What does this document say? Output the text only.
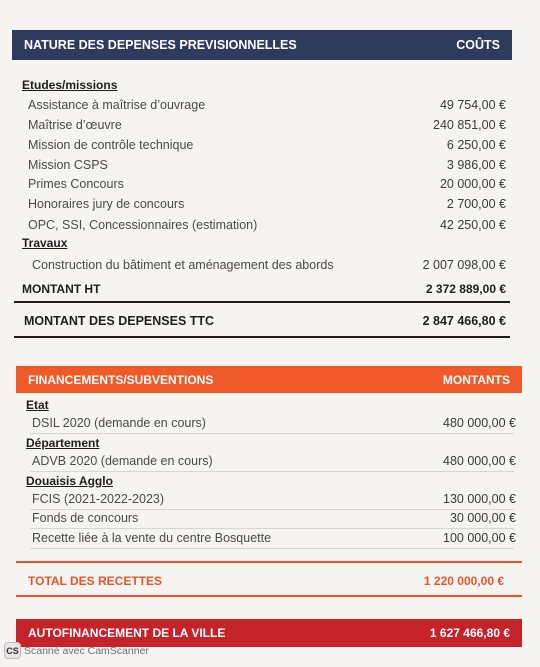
NATURE DES DEPENSES PREVISIONNELLES	COÛTS
Etudes/missions
Assistance à maîtrise d’ouvrage	49 754,00 €
Maîtrise d’œuvre	240 851,00 €
Mission de contrôle technique	6 250,00 €
Mission CSPS	3 986,00 €
Primes Concours	20 000,00 €
Honoraires jury de concours	2 700,00 €
OPC, SSI, Concessionnaires (estimation)	42 250,00 €
Travaux
Construction du bâtiment et aménagement des abords	2 007 098,00 €
MONTANT HT	2 372 889,00 €
MONTANT DES DEPENSES TTC	2 847 466,80 €
FINANCEMENTS/SUBVENTIONS	MONTANTS
Etat
DSIL 2020 (demande en cours)	480 000,00 €
Département
ADVB 2020 (demande en cours)	480 000,00 €
Douaisis Agglo
FCIS (2021-2022-2023)	130 000,00 €
Fonds de concours	30 000,00 €
Recette liée à la vente du centre Bosquette	100 000,00 €
TOTAL DES RECETTES	1 220 000,00 €
AUTOFINANCEMENT DE LA VILLE	1 627 466,80 €
CS Scanné avec CamScanner
